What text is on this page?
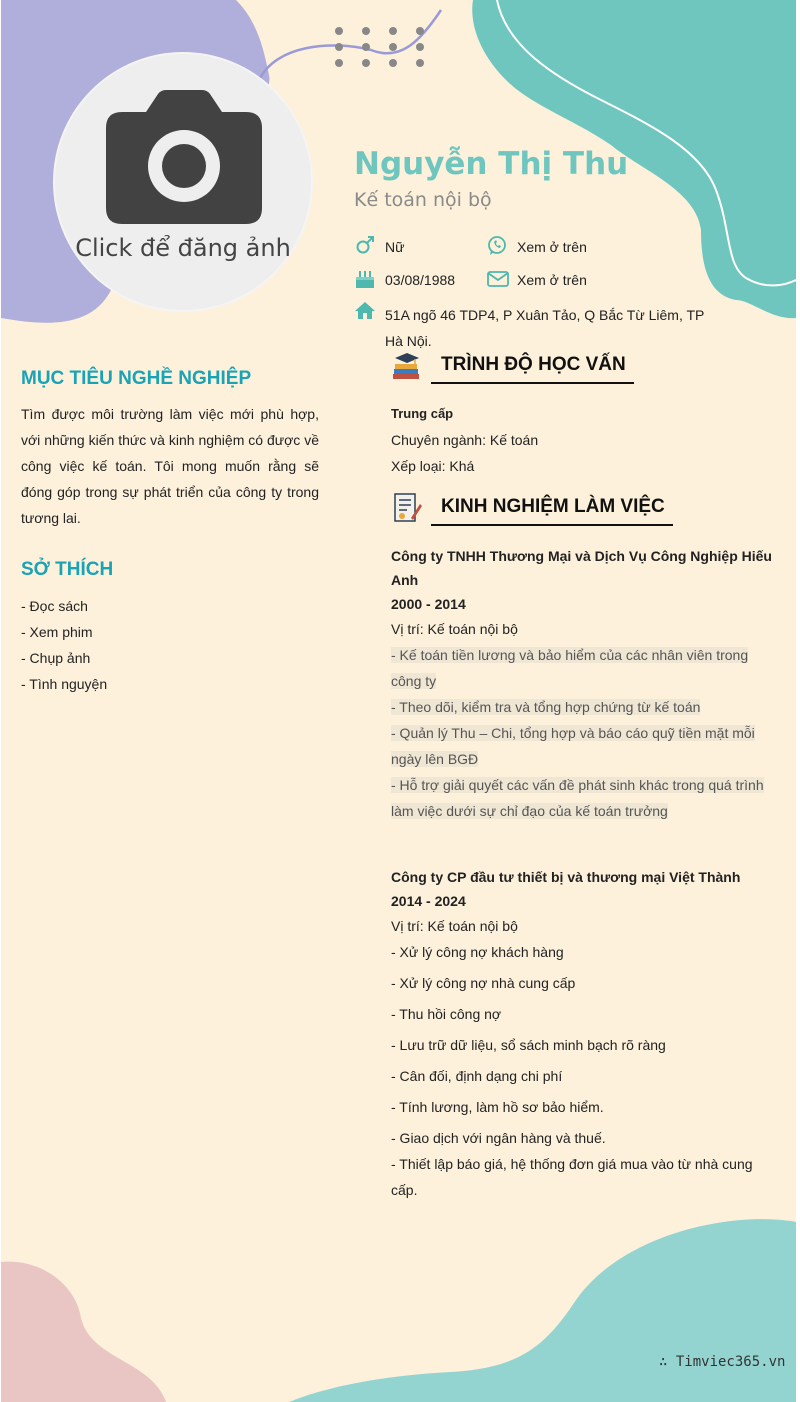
Click để đăng ảnh
Nguyễn Thị Thu
Kế toán nội bộ
Nữ	Xem ở trên
03/08/1988	Xem ở trên
51A ngõ 46 TDP4, P Xuân Tảo, Q Bắc Từ Liêm, TP Hà Nội.
MỤC TIÊU NGHỀ NGHIỆP

Tìm được môi trường làm việc mới phù hợp, với những kiến thức và kinh nghiệm có được về công việc kế toán. Tôi mong muốn rằng sẽ đóng góp trong sự phát triển của công ty trong tương lai.

SỞ THÍCH
- Đọc sách
- Xem phim
- Chụp ảnh
- Tình nguyện
TRÌNH ĐỘ HỌC VẤN
Trung cấp
Chuyên ngành: Kế toán
Xếp loại: Khá
KINH NGHIỆM LÀM VIỆC
Công ty TNHH Thương Mại và Dịch Vụ Công Nghiệp Hiếu Anh
2000 - 2014
Vị trí: Kế toán nội bộ
- Kế toán tiền lương và bảo hiểm của các nhân viên trong công ty
- Theo dõi, kiểm tra và tổng hợp chứng từ kế toán
- Quản lý Thu – Chi, tổng hợp và báo cáo quỹ tiền mặt mỗi ngày lên BGĐ
- Hỗ trợ giải quyết các vấn đề phát sinh khác trong quá trình làm việc dưới sự chỉ đạo của kế toán trưởng
Công ty CP đầu tư thiết bị và thương mại Việt Thành
2014 - 2024
Vị trí: Kế toán nội bộ
- Xử lý công nợ khách hàng
- Xử lý công nợ nhà cung cấp
- Thu hồi công nợ
- Lưu trữ dữ liệu, sổ sách minh bạch rõ ràng
- Cân đối, định dạng chi phí
- Tính lương, làm hồ sơ bảo hiểm.
- Giao dịch với ngân hàng và thuế.
- Thiết lập báo giá, hệ thống đơn giá mua vào từ nhà cung cấp.
∴ Timviec365.vn
